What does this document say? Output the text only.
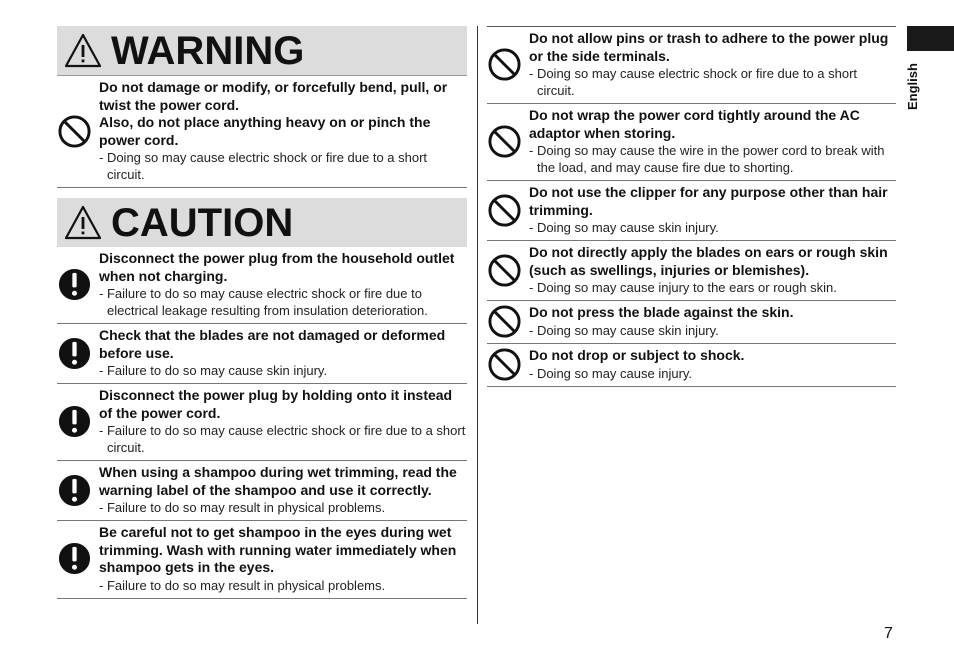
English
WARNING
Do not damage or modify, or forcefully bend, pull, or twist the power cord.
Also, do not place anything heavy on or pinch the power cord.
- Doing so may cause electric shock or fire due to a short circuit.
CAUTION
Disconnect the power plug from the household outlet when not charging.
- Failure to do so may cause electric shock or fire due to electrical leakage resulting from insulation deterioration.
Check that the blades are not damaged or deformed before use.
- Failure to do so may cause skin injury.
Disconnect the power plug by holding onto it instead of the power cord.
- Failure to do so may cause electric shock or fire due to a short circuit.
When using a shampoo during wet trimming, read the warning label of the shampoo and use it correctly.
- Failure to do so may result in physical problems.
Be careful not to get shampoo in the eyes during wet trimming. Wash with running water immediately when shampoo gets in the eyes.
- Failure to do so may result in physical problems.
Do not allow pins or trash to adhere to the power plug or the side terminals.
- Doing so may cause electric shock or fire due to a short circuit.
Do not wrap the power cord tightly around the AC adaptor when storing.
- Doing so may cause the wire in the power cord to break with the load, and may cause fire due to shorting.
Do not use the clipper for any purpose other than hair trimming.
- Doing so may cause skin injury.
Do not directly apply the blades on ears or rough skin (such as swellings, injuries or blemishes).
- Doing so may cause injury to the ears or rough skin.
Do not press the blade against the skin.
- Doing so may cause skin injury.
Do not drop or subject to shock.
- Doing so may cause injury.
7
